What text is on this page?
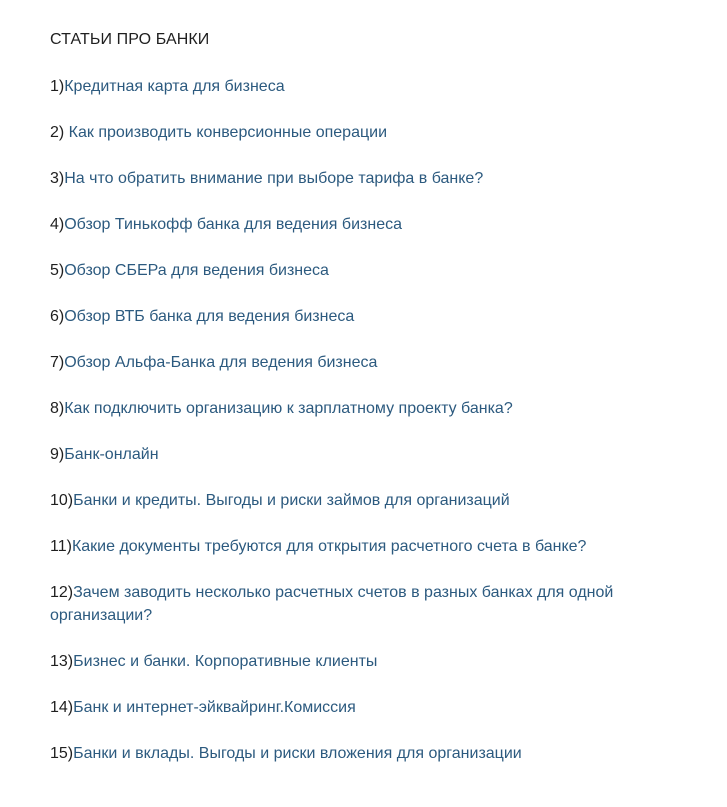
СТАТЬИ ПРО БАНКИ
1)Кредитная карта для бизнеса
2) Как производить конверсионные операции
3)На что обратить внимание при выборе тарифа в банке?
4)Обзор Тинькофф банка для ведения бизнеса
5)Обзор СБЕРа для ведения бизнеса
6)Обзор ВТБ банка для ведения бизнеса
7)Обзор Альфа-Банка для ведения бизнеса
8)Как подключить организацию к зарплатному проекту банка?
9)Банк-онлайн
10)Банки и кредиты. Выгоды и риски займов для организаций
11)Какие документы требуются для открытия расчетного счета в банке?
12)Зачем заводить несколько расчетных счетов в разных банках для одной организации?
13)Бизнес и банки. Корпоративные клиенты
14)Банк и интернет-эйквайринг.Комиссия
15)Банки и вклады. Выгоды и риски вложения для организации
